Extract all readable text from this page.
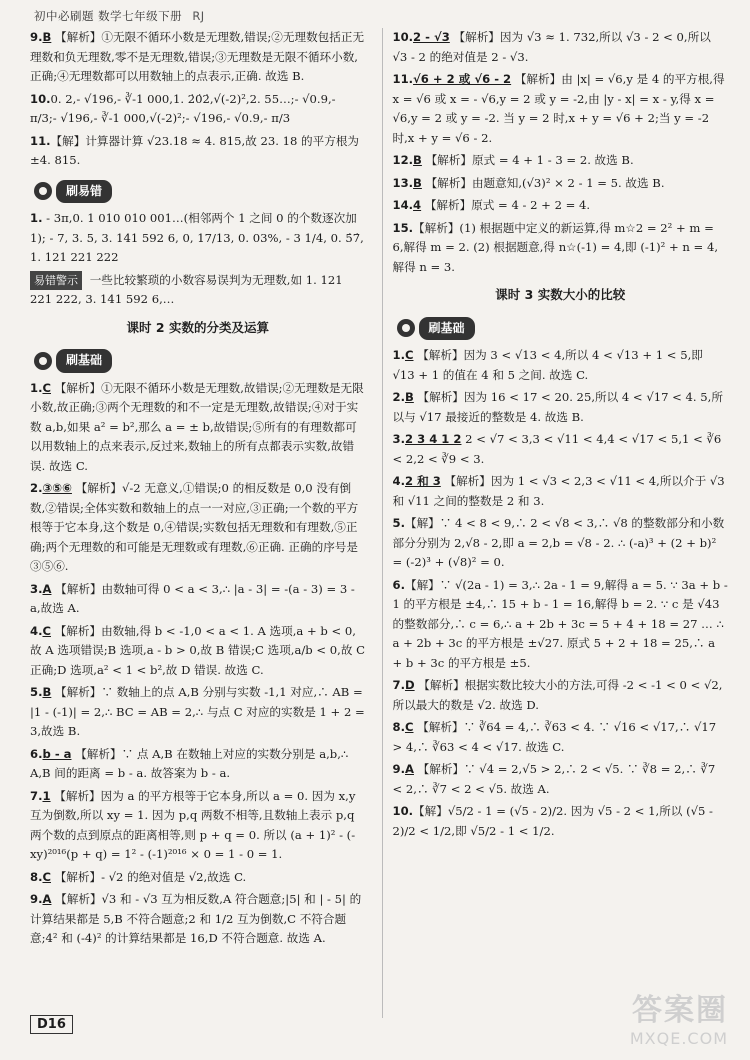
初中必刷题 数学七年级下册 RJ
9.B 【解析】①无限不循环小数是无理数,错误;②无理数包括正无理数和负无理数,零不是无理数,错误;③无理数是无限不循环小数,正确;④无理数都可以用数轴上的点表示,正确. 故选 B.
10.0. 2,- √196,- ∛-1 000,1. 2̇0̇2̇,√(-2)²,2. 55…;- √0.9,- π/3;- √196,- ∛-1 000,√(-2)²;- √196,- √0.9,- π/3
11.【解】计算器计算 √23.18 ≈ 4. 815,故 23. 18 的平方根为 ±4. 815.
刷易错
1. - 3π,0. 1 010 010 001…(相邻两个 1 之间 0 的个数逐次加 1); - 7, 3. 5, 3. 141 592 6, 0, 17/13, 0. 03%, - 3 1/4, 0. 5̇7̇, 1. 121 221 222
易错警示 一些比较繁琐的小数容易误判为无理数,如 1. 121 221 222, 3. 141 592 6,…
课时 2 实数的分类及运算
刷基础
1.C 【解析】①无限不循环小数是无理数,故错误;②无理数是无限小数,故正确;③两个无理数的和不一定是无理数,故错误;④对于实数 a,b,如果 a² = b²,那么 a = ± b,故错误;⑤所有的有理数都可以用数轴上的点来表示,反过来,数轴上的所有点都表示实数,故错误. 故选 C.
2.③⑤⑥ 【解析】√-2 无意义,①错误;0 的相反数是 0,0 没有倒数,②错误;全体实数和数轴上的点一一对应,③正确;一个数的平方根等于它本身,这个数是 0,④错误;实数包括无理数和有理数,⑤正确;两个无理数的和可能是无理数或有理数,⑥正确. 正确的序号是③⑤⑥.
3.A 【解析】由数轴可得 0 < a < 3,∴ |a - 3| = -(a - 3) = 3 - a,故选 A.
4.C 【解析】由数轴,得 b < -1,0 < a < 1. A 选项,a + b < 0,故 A 选项错误;B 选项,a - b > 0,故 B 错误;C 选项,a/b < 0,故 C 正确;D 选项,a² < 1 < b²,故 D 错误. 故选 C.
5.B 【解析】∵ 数轴上的点 A,B 分别与实数 -1,1 对应,∴ AB = |1 - (-1)| = 2,∴ BC = AB = 2,∴ 与点 C 对应的实数是 1 + 2 = 3,故选 B.
6.b - a 【解析】∵ 点 A,B 在数轴上对应的实数分别是 a,b,∴ A,B 间的距离 = b - a. 故答案为 b - a.
7.1 【解析】因为 a 的平方根等于它本身,所以 a = 0. 因为 x,y 互为倒数,所以 xy = 1. 因为 p,q 两数不相等,且数轴上表示 p,q 两个数的点到原点的距离相等,则 p + q = 0. 所以 (a + 1)² - (-xy)²⁰¹⁶(p + q) = 1² - (-1)²⁰¹⁶ × 0 = 1 - 0 = 1.
8.C 【解析】- √2 的绝对值是 √2,故选 C.
9.A 【解析】√3 和 - √3 互为相反数,A 符合题意;|5| 和 | - 5| 的计算结果都是 5,B 不符合题意;2 和 1/2 互为倒数,C 不符合题意;4² 和 (-4)² 的计算结果都是 16,D 不符合题意. 故选 A.
10.2 - √3 【解析】因为 √3 ≈ 1. 732,所以 √3 - 2 < 0,所以 √3 - 2 的绝对值是 2 - √3.
11.√6 + 2 或 √6 - 2 【解析】由 |x| = √6,y 是 4 的平方根,得 x = √6 或 x = - √6,y = 2 或 y = -2,由 |y - x| = x - y,得 x = √6,y = 2 或 y = -2. 当 y = 2 时,x + y = √6 + 2;当 y = -2 时,x + y = √6 - 2.
12.B 【解析】原式 = 4 + 1 - 3 = 2. 故选 B.
13.B 【解析】由题意知,(√3)² × 2 - 1 = 5. 故选 B.
14.4 【解析】原式 = 4 - 2 + 2 = 4.
15.【解析】(1) 根据题中定义的新运算,得 m☆2 = 2² + m = 6,解得 m = 2. (2) 根据题意,得 n☆(-1) = 4,即 (-1)² + n = 4,解得 n = 3.
课时 3 实数大小的比较
刷基础
1.C 【解析】因为 3 < √13 < 4,所以 4 < √13 + 1 < 5,即 √13 + 1 的值在 4 和 5 之间. 故选 C.
2.B 【解析】因为 16 < 17 < 20. 25,所以 4 < √17 < 4. 5,所以与 √17 最接近的整数是 4. 故选 B.
3.2 3 4 1 2 2 < √7 < 3,3 < √11 < 4,4 < √17 < 5,1 < ∛6 < 2,2 < ∛9 < 3.
4.2 和 3 【解析】因为 1 < √3 < 2,3 < √11 < 4,所以介于 √3 和 √11 之间的整数是 2 和 3.
5.【解】∵ 4 < 8 < 9,∴ 2 < √8 < 3,∴ √8 的整数部分和小数部分分别为 2,√8 - 2,即 a = 2,b = √8 - 2. ∴ (-a)³ + (2 + b)² = (-2)³ + (√8)² = 0.
6.【解】∵ √(2a - 1) = 3,∴ 2a - 1 = 9,解得 a = 5. ∵ 3a + b - 1 的平方根是 ±4,∴ 15 + b - 1 = 16,解得 b = 2. ∵ c 是 √43 的整数部分,∴ c = 6,∴ a + 2b + 3c = 5 + 4 + 18 = 27 … ∴ a + 2b + 3c 的平方根是 ±√27. 原式 5 + 2 + 18 = 25,∴ a + b + 3c 的平方根是 ±5.
7.D 【解析】根据实数比较大小的方法,可得 -2 < -1 < 0 < √2,所以最大的数是 √2. 故选 D.
8.C 【解析】∵ ∛64 = 4,∴ ∛63 < 4. ∵ √16 < √17,∴ √17 > 4,∴ ∛63 < 4 < √17. 故选 C.
9.A 【解析】∵ √4 = 2,√5 > 2,∴ 2 < √5. ∵ ∛8 = 2,∴ ∛7 < 2,∴ ∛7 < 2 < √5. 故选 A.
10.【解】√5/2 - 1 = (√5 - 2)/2. 因为 √5 - 2 < 1,所以 (√5 - 2)/2 < 1/2,即 √5/2 - 1 < 1/2.
D16	答案圈
MXQE.COM
